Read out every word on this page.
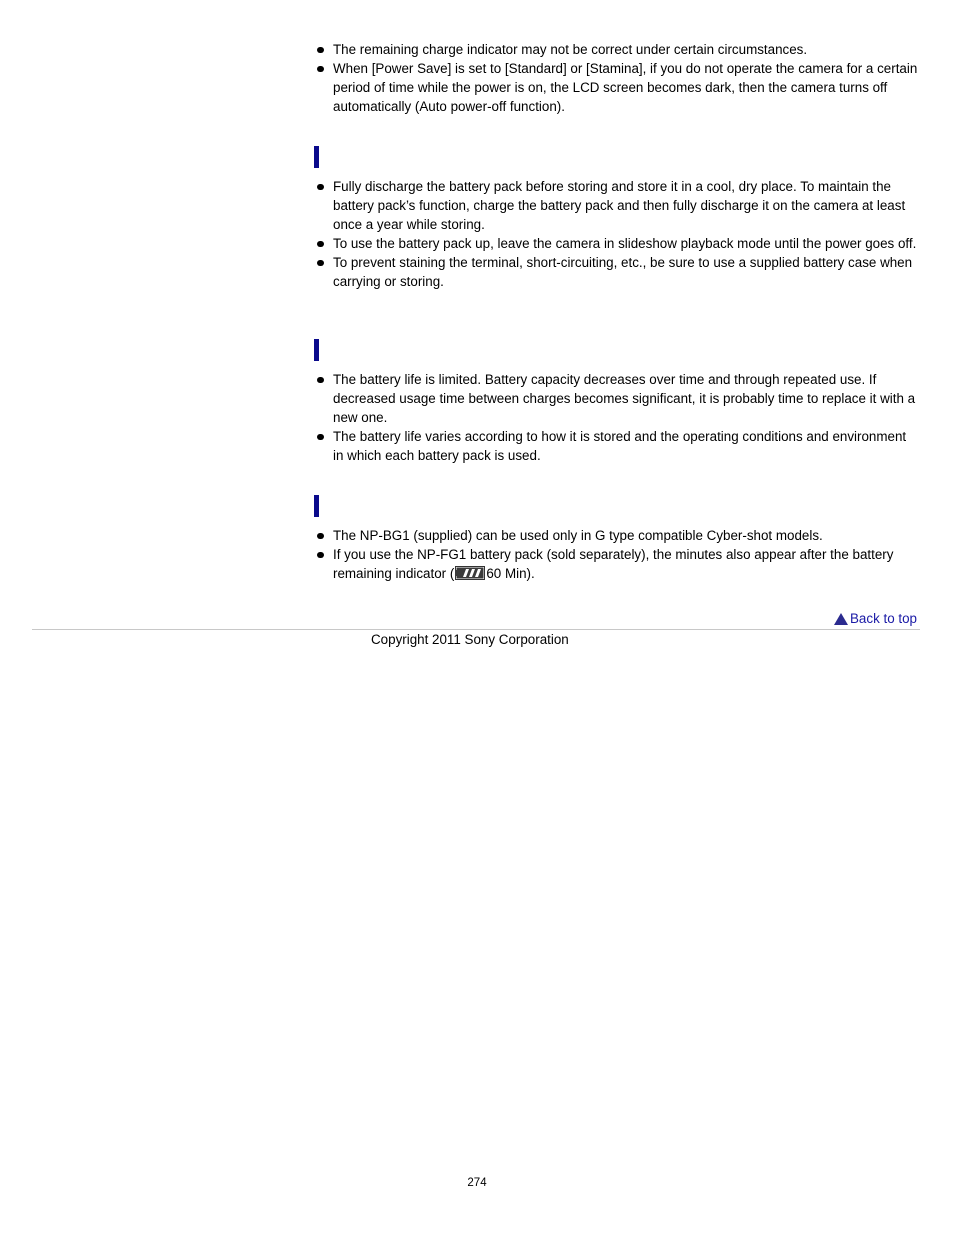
The remaining charge indicator may not be correct under certain circumstances.
When [Power Save] is set to [Standard] or [Stamina], if you do not operate the camera for a certain period of time while the power is on, the LCD screen becomes dark, then the camera turns off automatically (Auto power-off function).
Fully discharge the battery pack before storing and store it in a cool, dry place. To maintain the battery pack’s function, charge the battery pack and then fully discharge it on the camera at least once a year while storing.
To use the battery pack up, leave the camera in slideshow playback mode until the power goes off.
To prevent staining the terminal, short-circuiting, etc., be sure to use a supplied battery case when carrying or storing.
The battery life is limited. Battery capacity decreases over time and through repeated use. If decreased usage time between charges becomes significant, it is probably time to replace it with a new one.
The battery life varies according to how it is stored and the operating conditions and environment in which each battery pack is used.
The NP-BG1 (supplied) can be used only in G type compatible Cyber-shot models.
If you use the NP-FG1 battery pack (sold separately), the minutes also appear after the battery remaining indicator ( 60 Min).
Back to top
Copyright 2011 Sony Corporation
274
